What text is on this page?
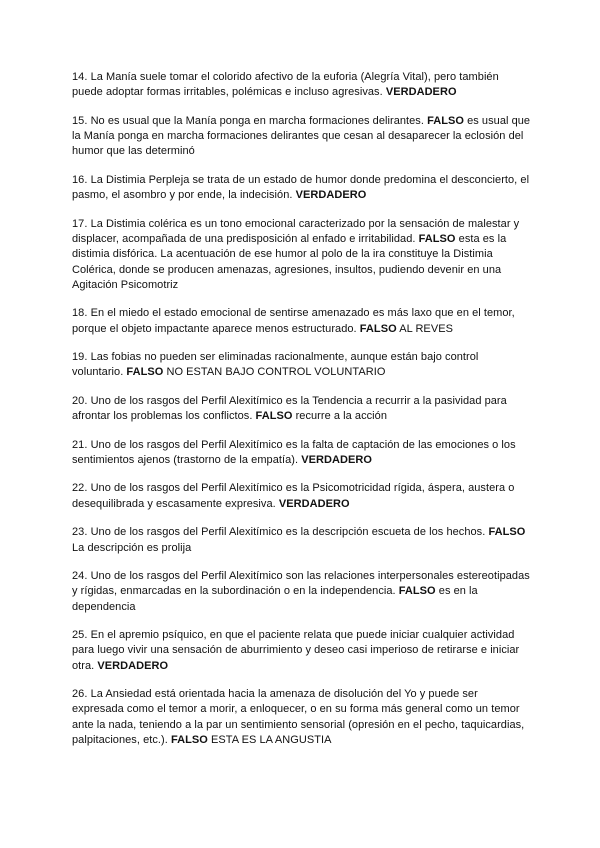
14. La Manía suele tomar el colorido afectivo de la euforia (Alegría Vital), pero también puede adoptar formas irritables, polémicas e incluso agresivas. VERDADERO

15. No es usual que la Manía ponga en marcha formaciones delirantes. FALSO es usual que la Manía ponga en marcha formaciones delirantes que cesan al desaparecer la eclosión del humor que las determinó

16. La Distimia Perpleja se trata de un estado de humor donde predomina el desconcierto, el pasmo, el asombro y por ende, la indecisión. VERDADERO

17. La Distimia colérica es un tono emocional caracterizado por la sensación de malestar y displacer, acompañada de una predisposición al enfado e irritabilidad. FALSO esta es la distimia disfórica. La acentuación de ese humor al polo de la ira constituye la Distimia Colérica, donde se producen amenazas, agresiones, insultos, pudiendo devenir en una Agitación Psicomotriz

18. En el miedo el estado emocional de sentirse amenazado es más laxo que en el temor, porque el objeto impactante aparece menos estructurado. FALSO AL REVES

19. Las fobias no pueden ser eliminadas racionalmente, aunque están bajo control voluntario. FALSO NO ESTAN BAJO CONTROL VOLUNTARIO

20. Uno de los rasgos del Perfil Alexitímico es la Tendencia a recurrir a la pasividad para afrontar los problemas los conflictos. FALSO recurre a la acción

21. Uno de los rasgos del Perfil Alexitímico es la falta de captación de las emociones o los sentimientos ajenos (trastorno de la empatía). VERDADERO

22. Uno de los rasgos del Perfil Alexitímico es la Psicomotricidad rígida, áspera, austera o desequilibrada y escasamente expresiva. VERDADERO

23. Uno de los rasgos del Perfil Alexitímico es la descripción escueta de los hechos. FALSO La descripción es prolija

24. Uno de los rasgos del Perfil Alexitímico son las relaciones interpersonales estereotipadas y rígidas, enmarcadas en la subordinación o en la independencia. FALSO es en la dependencia

25. En el apremio psíquico, en que el paciente relata que puede iniciar cualquier actividad para luego vivir una sensación de aburrimiento y deseo casi imperioso de retirarse e iniciar otra. VERDADERO

26. La Ansiedad está orientada hacia la amenaza de disolución del Yo y puede ser expresada como el temor a morir, a enloquecer, o en su forma más general como un temor ante la nada, teniendo a la par un sentimiento sensorial (opresión en el pecho, taquicardias, palpitaciones, etc.). FALSO ESTA ES LA ANGUSTIA
